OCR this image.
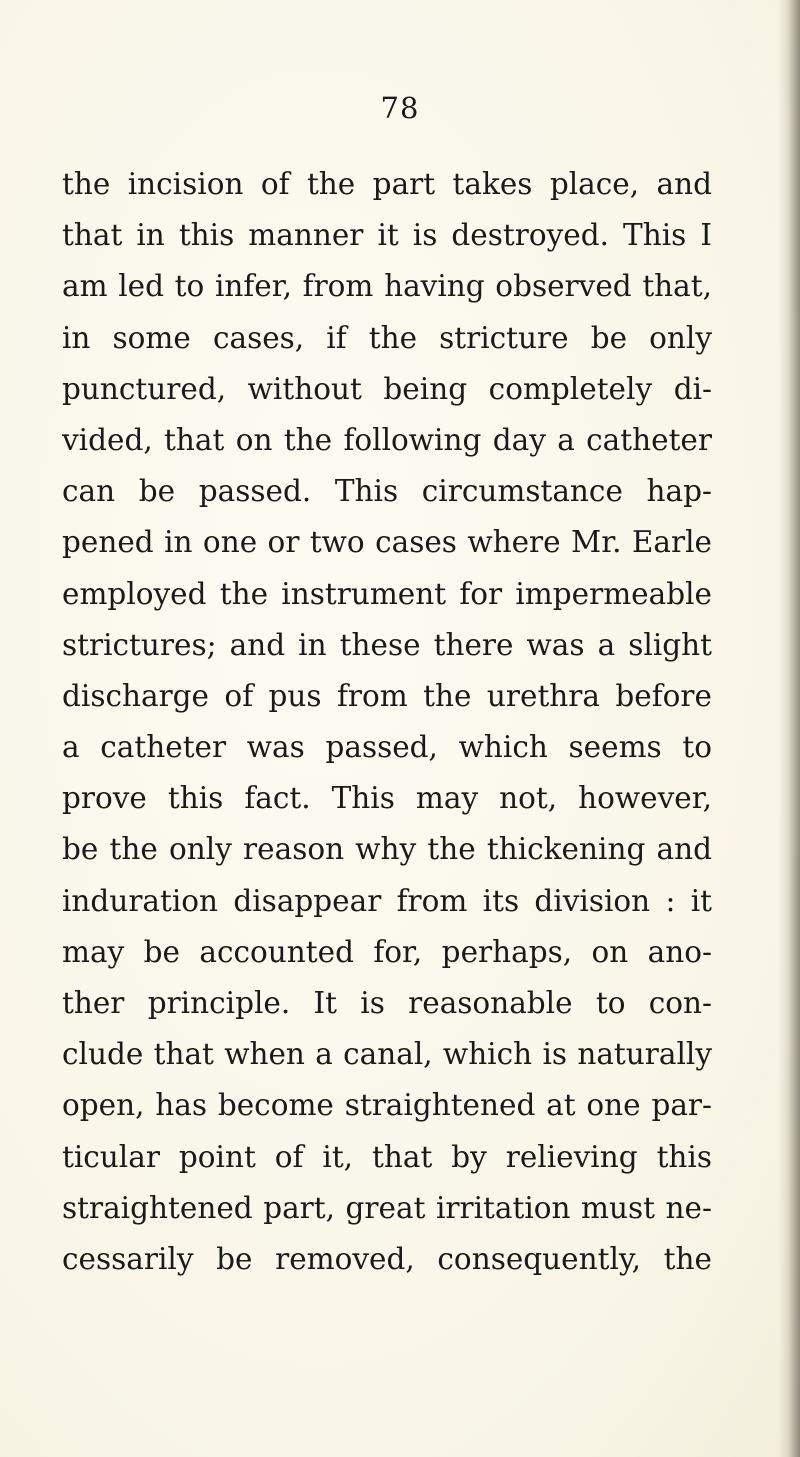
78
the incision of the part takes place, and
that in this manner it is destroyed. This I
am led to infer, from having observed that,
in some cases, if the stricture be only
punctured, without being completely di-
vided, that on the following day a catheter
can be passed. This circumstance hap-
pened in one or two cases where Mr. Earle
employed the instrument for impermeable
strictures; and in these there was a slight
discharge of pus from the urethra before
a catheter was passed, which seems to
prove this fact. This may not, however,
be the only reason why the thickening and
induration disappear from its division : it
may be accounted for, perhaps, on ano-
ther principle. It is reasonable to con-
clude that when a canal, which is naturally
open, has become straightened at one par-
ticular point of it, that by relieving this
straightened part, great irritation must ne-
cessarily be removed, consequently, the
